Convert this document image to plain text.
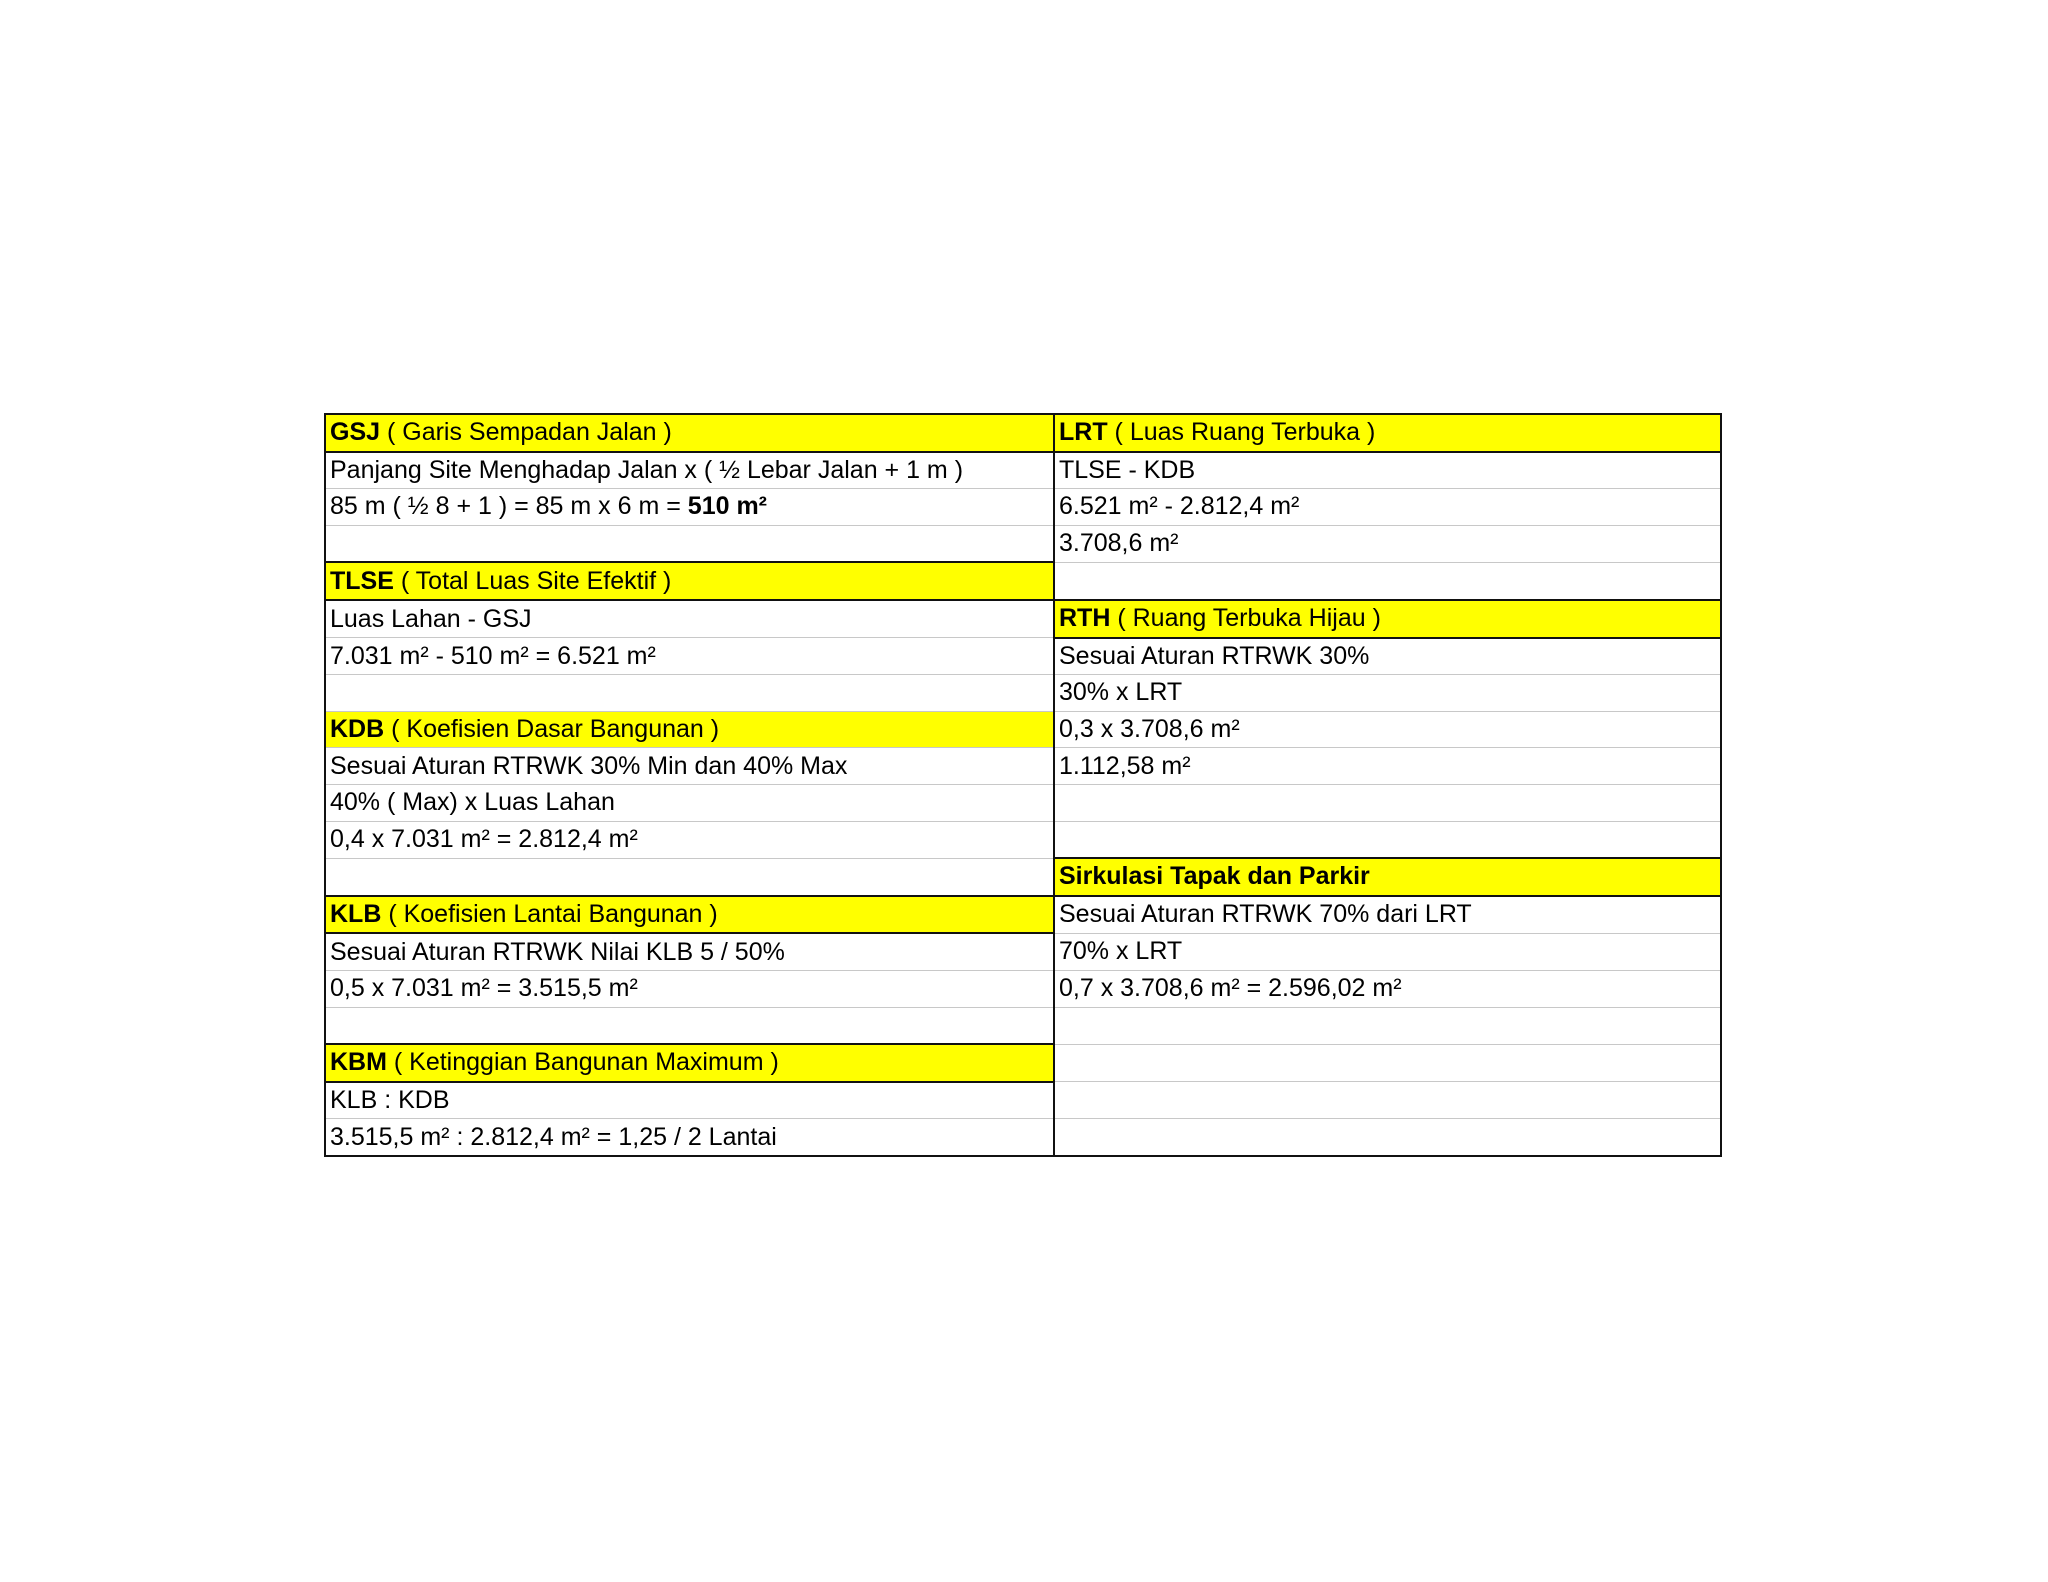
GSJ ( Garis Sempadan Jalan )	LRT ( Luas Ruang Terbuka )
Panjang Site Menghadap Jalan x ( ½ Lebar Jalan + 1 m )	TLSE - KDB
85 m ( ½ 8 + 1 ) = 85 m x 6 m = 510 m²	6.521 m² - 2.812,4 m²
	3.708,6 m²
TLSE ( Total Luas Site Efektif )	
Luas Lahan - GSJ	RTH ( Ruang Terbuka Hijau )
7.031 m² - 510 m² = 6.521 m²	Sesuai Aturan RTRWK 30%
	30% x LRT
KDB ( Koefisien Dasar Bangunan )	0,3 x 3.708,6 m²
Sesuai Aturan RTRWK 30% Min dan 40% Max	1.112,58 m²
40% ( Max) x Luas Lahan	
0,4 x 7.031 m² = 2.812,4 m²	
	Sirkulasi Tapak dan Parkir
KLB ( Koefisien Lantai Bangunan )	Sesuai Aturan RTRWK 70% dari LRT
Sesuai Aturan RTRWK Nilai KLB 5 / 50%	70% x LRT
0,5 x 7.031 m² = 3.515,5 m²	0,7 x 3.708,6 m² = 2.596,02 m²

KBM ( Ketinggian Bangunan Maximum )	
KLB : KDB	
3.515,5 m² : 2.812,4 m² = 1,25 / 2 Lantai	
